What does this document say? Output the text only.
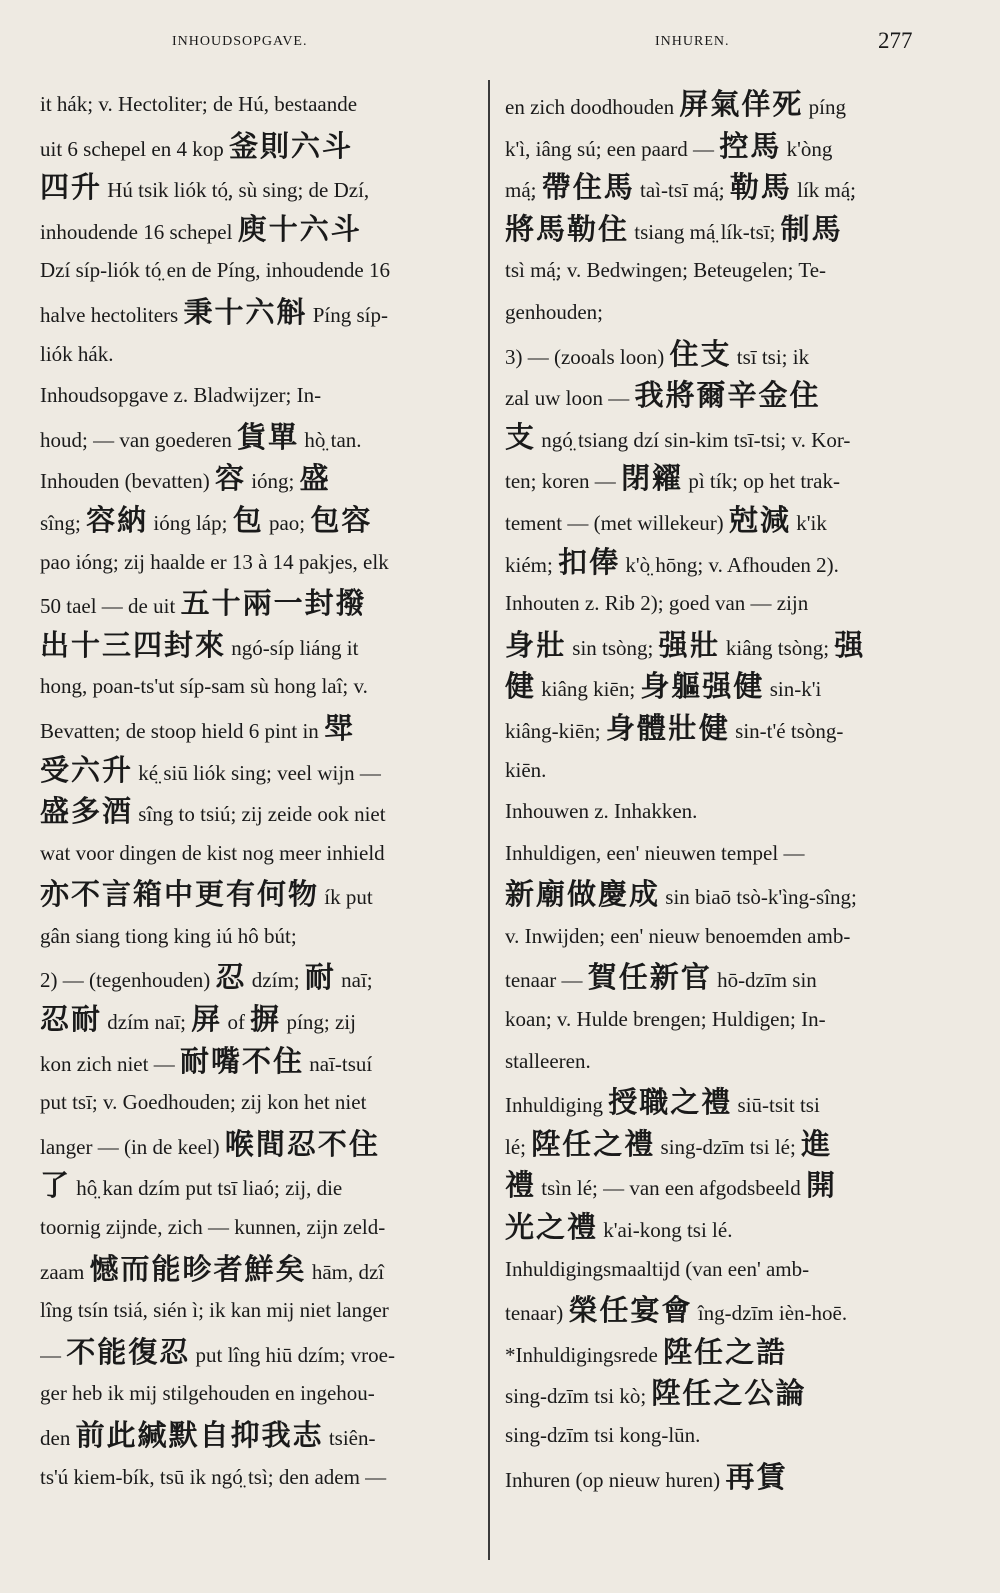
INHOUDSOPGAVE.	INHUREN.	277
it hák; v. Hectoliter; de Hú, bestaande
uit 6 schepel en 4 kop 釜則六斗
四升 Hú tsik liók tó̤, sù sing; de Dzí,
inhoudende 16 schepel 庾十六斗
Dzí síp-liók tó̤ en de Píng, inhoudende 16
halve hectoliters 秉十六斛 Píng síp-
liók hák.
Inhoudsopgave z. Bladwijzer; In-
houd; — van goederen 貨單 hò̤ tan.
Inhouden (bevatten) 容 ióng; 盛
sîng; 容納 ióng láp; 包 pao; 包容
pao ióng; zij haalde er 13 à 14 pakjes, elk
50 tael — de uit 五十兩一封撥
出十三四封來 ngó-síp liáng it
hong, poan-ts'ut síp-sam sù hong laî; v.
Bevatten; de stoop hield 6 pint in 斝
受六升 ké̤ siū liók sing; veel wijn —
盛多酒 sîng to tsiú; zij zeide ook niet
wat voor dingen de kist nog meer inhield
亦不言箱中更有何物 ík put
gân siang tiong king iú hô bút;
2) — (tegenhouden) 忍 dzím; 耐 naī;
忍耐 dzím naī; 屏 of 摒 píng; zij
kon zich niet — 耐嘴不住 naī-tsuí
put tsī; v. Goedhouden; zij kon het niet
langer — (in de keel) 喉間忍不住
了 hô̤ kan dzím put tsī liaó; zij, die
toornig zijnde, zich — kunnen, zijn zeld-
zaam 憾而能昣者鮮矣 hām, dzî
lîng tsín tsiá, sién ì; ik kan mij niet langer
— 不能復忍 put lîng hiū dzím; vroe-
ger heb ik mij stilgehouden en ingehou-
den 前此緘默自抑我志 tsiên-
ts'ú kiem-bík, tsū ik ngó̤ tsì; den adem —
en zich doodhouden 屏氣佯死 píng
k'ì, iâng sú; een paard — 控馬 k'òng
má̤; 帶住馬 taì-tsī má̤; 勒馬 lík má̤;
將馬勒住 tsiang má̤ lík-tsī; 制馬
tsì má̤; v. Bedwingen; Beteugelen; Te-
genhouden;
3) — (zooals loon) 住支 tsī tsi; ik
zal uw loon — 我將爾辛金住
支 ngó̤ tsiang dzí sin-kim tsī-tsi; v. Kor-
ten; koren — 閉糴 pì tík; op het trak-
tement — (met willekeur) 尅減 k'ik
kiém; 扣俸 k'ò̤ hōng; v. Afhouden 2).
Inhouten z. Rib 2); goed van — zijn
身壯 sin tsòng; 强壯 kiâng tsòng; 强
健 kiâng kiēn; 身軀强健 sin-k'i
kiâng-kiēn; 身體壯健 sin-t'é tsòng-
kiēn.
Inhouwen z. Inhakken.
Inhuldigen, een' nieuwen tempel —
新廟做慶成 sin biaō tsò-k'ìng-sîng;
v. Inwijden; een' nieuw benoemden amb-
tenaar — 賀任新官 hō-dzīm sin
koan; v. Hulde brengen; Huldigen; In-
stalleeren.
Inhuldiging 授職之禮 siū-tsit tsi
lé; 陞任之禮 sing-dzīm tsi lé; 進
禮 tsìn lé; — van een afgodsbeeld 開
光之禮 k'ai-kong tsi lé.
Inhuldigingsmaaltijd (van een' amb-
tenaar) 榮任宴會 îng-dzīm ièn-hoē.
*Inhuldigingsrede 陞任之誥
sing-dzīm tsi kò; 陞任之公論
sing-dzīm tsi kong-lūn.
Inhuren (op nieuw huren) 再賃
